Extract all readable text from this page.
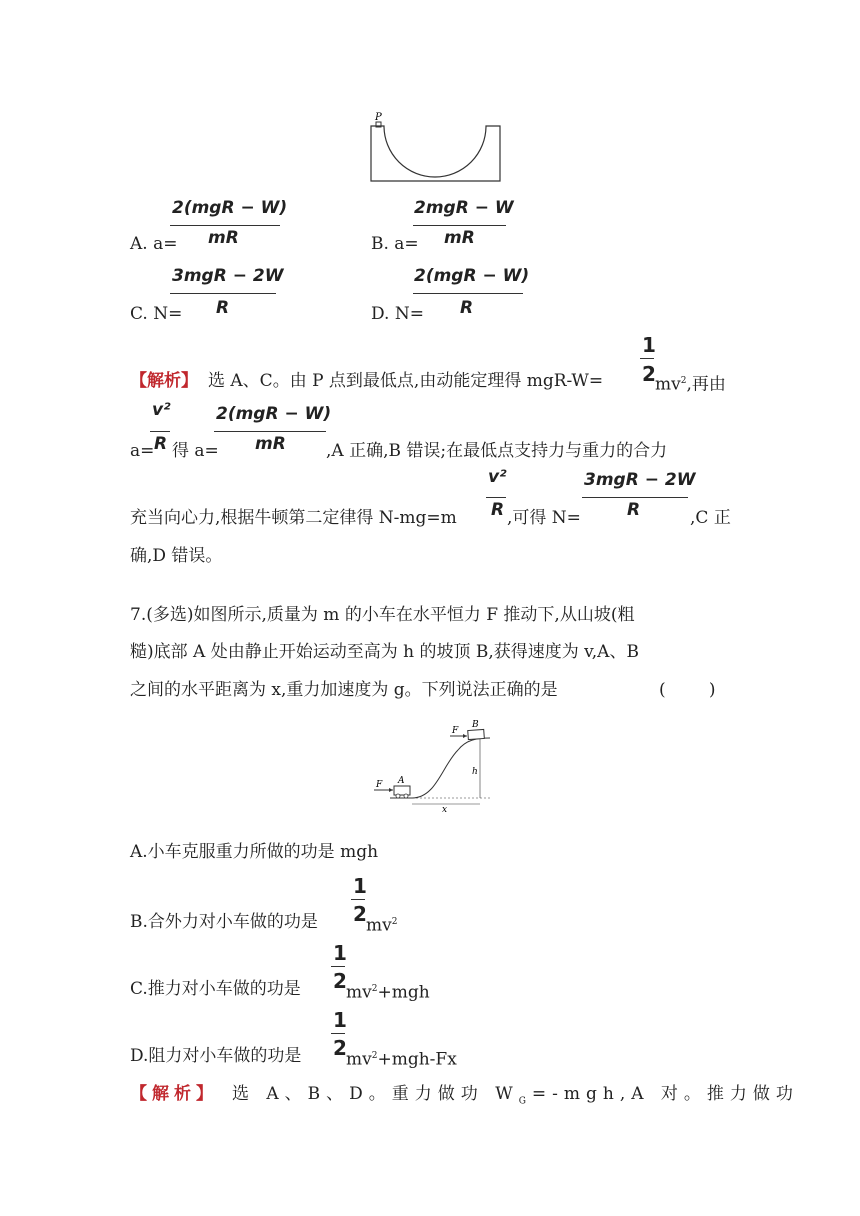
P
A. a=
2(mgR − W)
mR	B. a=
2mgR − W
mR
C. N=
3mgR − 2W
R	D. N=
2(mgR − W)
R
【解析】 选 A、C。由 P 点到最低点,由动能定理得 mgR-W=
1
2 $mv^2$,再由
v²
a= R 得 a=
2(mgR − W)
mR ,A 正确,B 错误;在最低点支持力与重力的合力
充当向心力,根据牛顿第二定律得 N-mg=m
v²
R ,可得 N=
3mgR − 2W
R	,C 正
确,D 错误。
7.(多选)如图所示,质量为 m 的小车在水平恒力 F 推动下,从山坡(粗
糙)底部 A 处由静止开始运动至高为 h 的坡顶 B,获得速度为 v,A、B
之间的水平距离为 x,重力加速度为 g。下列说法正确的是	(        )
F
B
h
F A
x
A.小车克服重力所做的功是 mgh
B.合外力对小车做的功是
1
2 $mv^2$
C.推力对小车做的功是
1
2 $mv^2+mgh$
D.阻力对小车做的功是
1
2 $mv^2+mgh-Fx$
【解析】 选 A、B、D。重力做功 $W_G=-mgh,A$ 对。推力做功
